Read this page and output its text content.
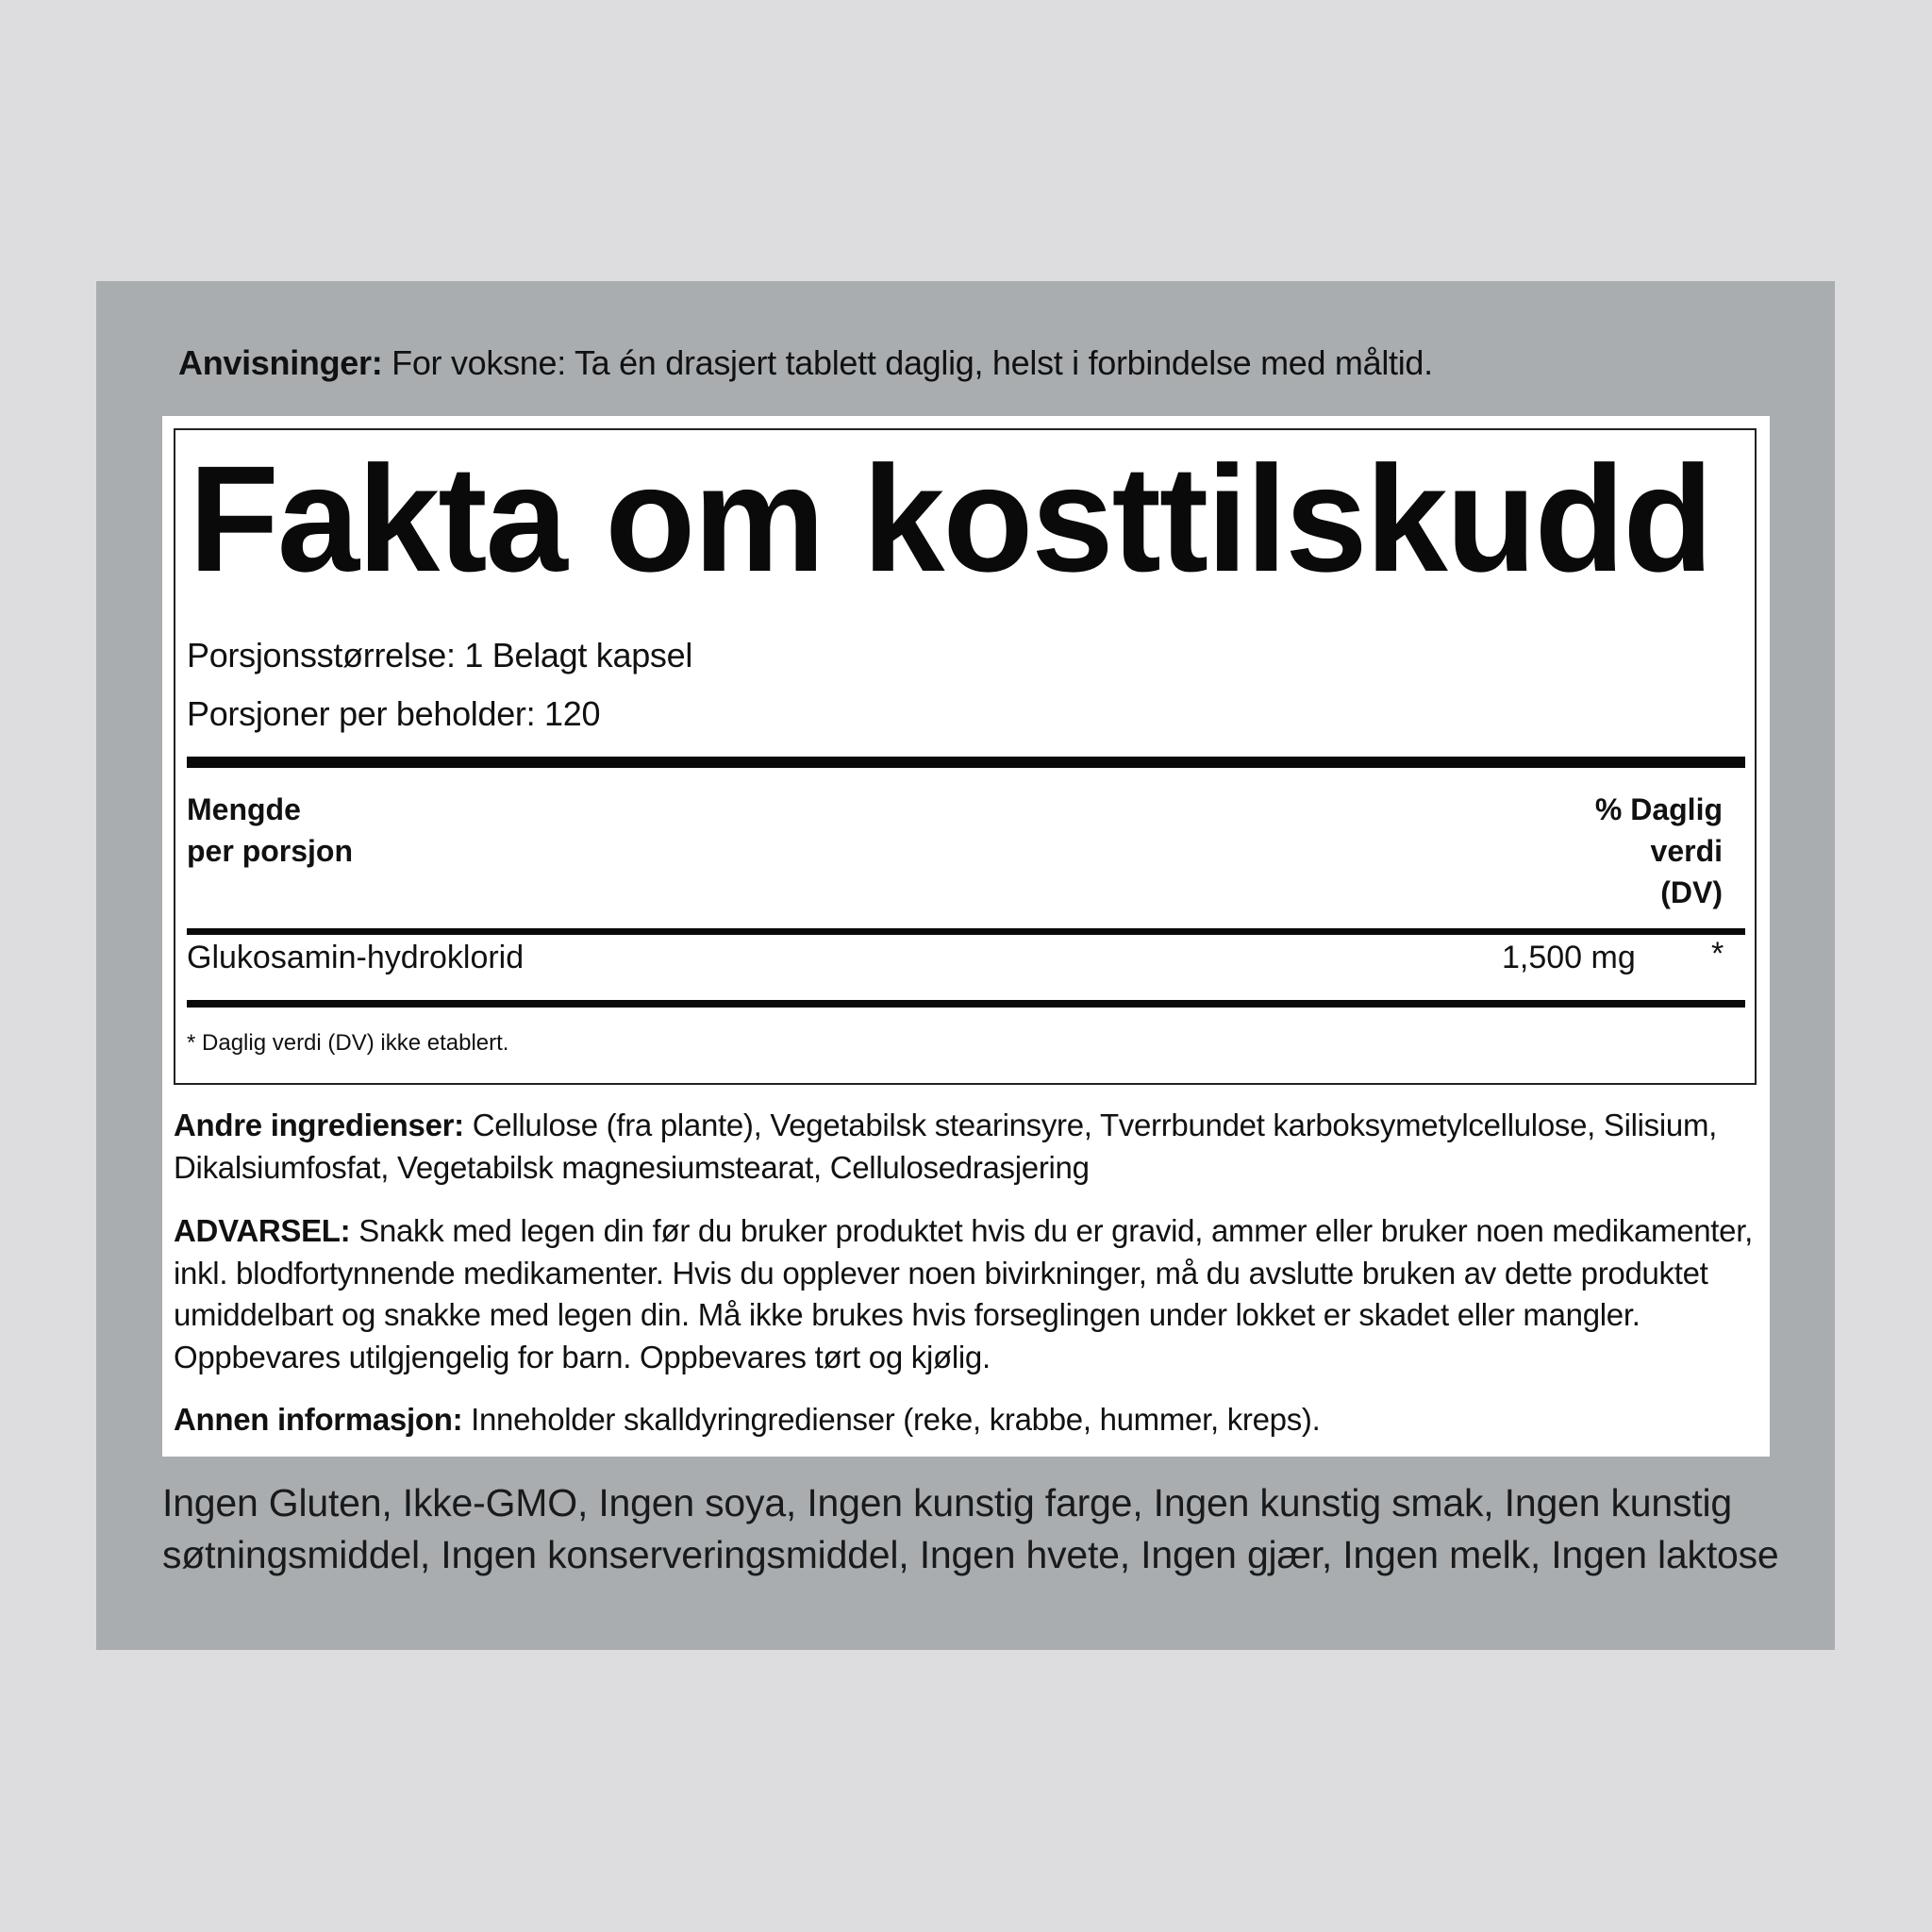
Anvisninger: For voksne: Ta én drasjert tablett daglig, helst i forbindelse med måltid.
Fakta om kosttilskudd
Porsjonsstørrelse: 1 Belagt kapsel
Porsjoner per beholder: 120
Mengde
per porsjon
% Daglig
verdi
(DV)
Glukosamin-hydroklorid	1,500 mg *
* Daglig verdi (DV) ikke etablert.
Andre ingredienser: Cellulose (fra plante), Vegetabilsk stearinsyre, Tverrbundet karboksymetylcellulose, Silisium, Dikalsiumfosfat, Vegetabilsk magnesiumstearat, Cellulosedrasjering
ADVARSEL: Snakk med legen din før du bruker produktet hvis du er gravid, ammer eller bruker noen medikamenter, inkl. blodfortynnende medikamenter. Hvis du opplever noen bivirkninger, må du avslutte bruken av dette produktet umiddelbart og snakke med legen din. Må ikke brukes hvis forseglingen under lokket er skadet eller mangler. Oppbevares utilgjengelig for barn. Oppbevares tørt og kjølig.
Annen informasjon: Inneholder skalldyringredienser (reke, krabbe, hummer, kreps).
Ingen Gluten, Ikke-GMO, Ingen soya, Ingen kunstig farge, Ingen kunstig smak, Ingen kunstig søtningsmiddel, Ingen konserveringsmiddel, Ingen hvete, Ingen gjær, Ingen melk, Ingen laktose
